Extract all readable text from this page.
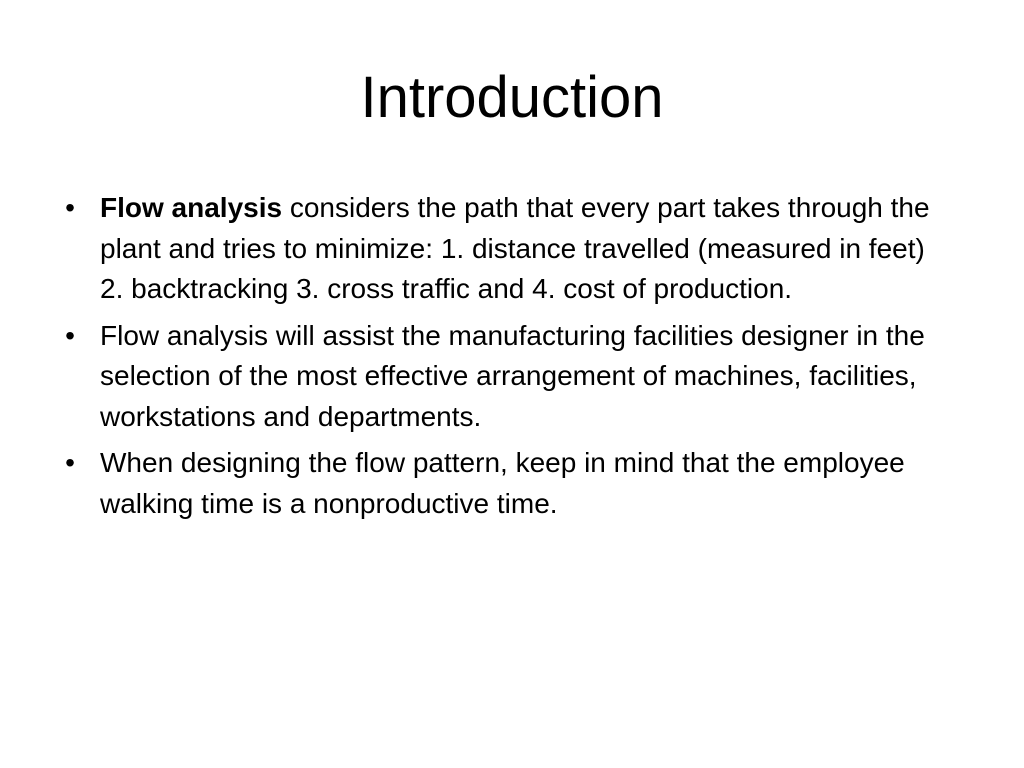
Introduction
• Flow analysis considers the path that every part takes through the plant and tries to minimize: 1. distance travelled (measured in feet) 2. backtracking 3. cross traffic and 4. cost of production.
• Flow analysis will assist the manufacturing facilities designer in the selection of the most effective arrangement of machines, facilities, workstations and departments.
• When designing the flow pattern, keep in mind that the employee walking time is a nonproductive time.
